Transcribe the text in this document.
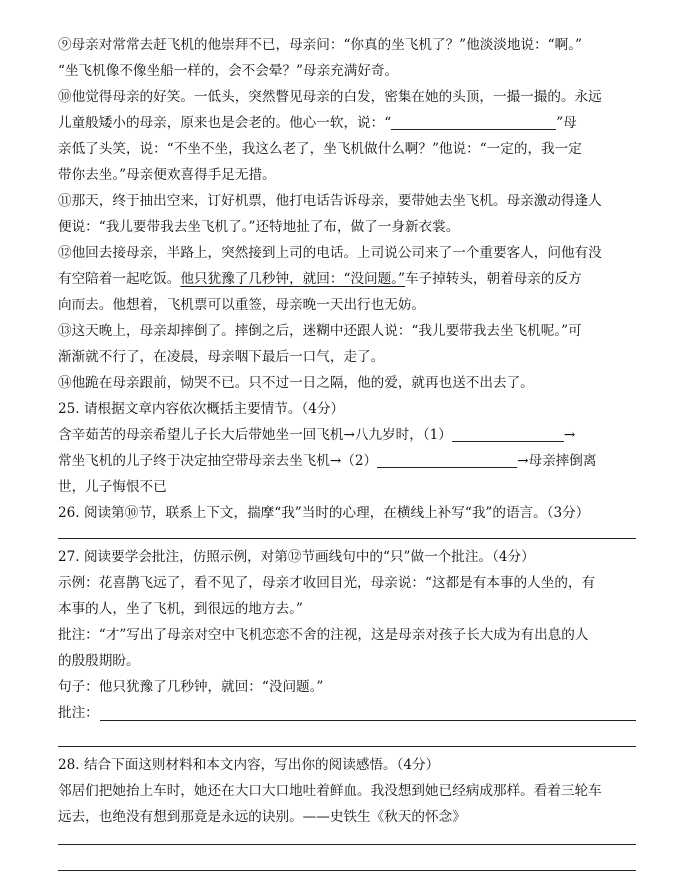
⑨母亲对常常去赶飞机的他崇拜不已，母亲问：“你真的坐飞机了？”他淡淡地说：“啊。”
“坐飞机像不像坐船一样的，会不会晕？”母亲充满好奇。
⑩他觉得母亲的好笑。一低头，突然瞥见母亲的白发，密集在她的头顶，一撮一撮的。永远
儿童般矮小的母亲，原来也是会老的。他心一软，说：“	”母
亲低了头笑，说：“不坐不坐，我这么老了，坐飞机做什么啊？”他说：“一定的，我一定
带你去坐。”母亲便欢喜得手足无措。
⑪那天，终于抽出空来，订好机票，他打电话告诉母亲，要带她去坐飞机。母亲激动得逢人
便说：“我儿要带我去坐飞机了。”还特地扯了布，做了一身新衣裳。
⑫他回去接母亲，半路上，突然接到上司的电话。上司说公司来了一个重要客人，问他有没
有空陪着一起吃饭。他只犹豫了几秒钟，就回：“没问题。”车子掉转头，朝着母亲的反方
向而去。他想着，飞机票可以重签，母亲晚一天出行也无妨。
⑬这天晚上，母亲却摔倒了。摔倒之后，迷糊中还跟人说：“我儿要带我去坐飞机呢。”可
渐渐就不行了，在凌晨，母亲咽下最后一口气，走了。
⑭他跪在母亲跟前，恸哭不已。只不过一日之隔，他的爱，就再也送不出去了。
25. 请根据文章内容依次概括主要情节。（4分）
含辛茹苦的母亲希望儿子长大后带她坐一回飞机→八九岁时，（1）	→
常坐飞机的儿子终于决定抽空带母亲去坐飞机→（2）	→母亲摔倒离
世，儿子悔恨不已
26. 阅读第⑩节，联系上下文，揣摩“我”当时的心理，在横线上补写“我”的语言。（3分）
27. 阅读要学会批注，仿照示例，对第⑫节画线句中的“只”做一个批注。（4分）
示例：花喜鹊飞远了，看不见了，母亲才收回目光，母亲说：“这都是有本事的人坐的，有
本事的人，坐了飞机，到很远的地方去。”
批注：“才”写出了母亲对空中飞机恋恋不舍的注视，这是母亲对孩子长大成为有出息的人
的殷殷期盼。
句子：他只犹豫了几秒钟，就回：“没问题。”
批注：
28. 结合下面这则材料和本文内容，写出你的阅读感悟。（4分）
邻居们把她抬上车时，她还在大口大口地吐着鲜血。我没想到她已经病成那样。看着三轮车
远去，也绝没有想到那竟是永远的诀别。——史铁生《秋天的怀念》
